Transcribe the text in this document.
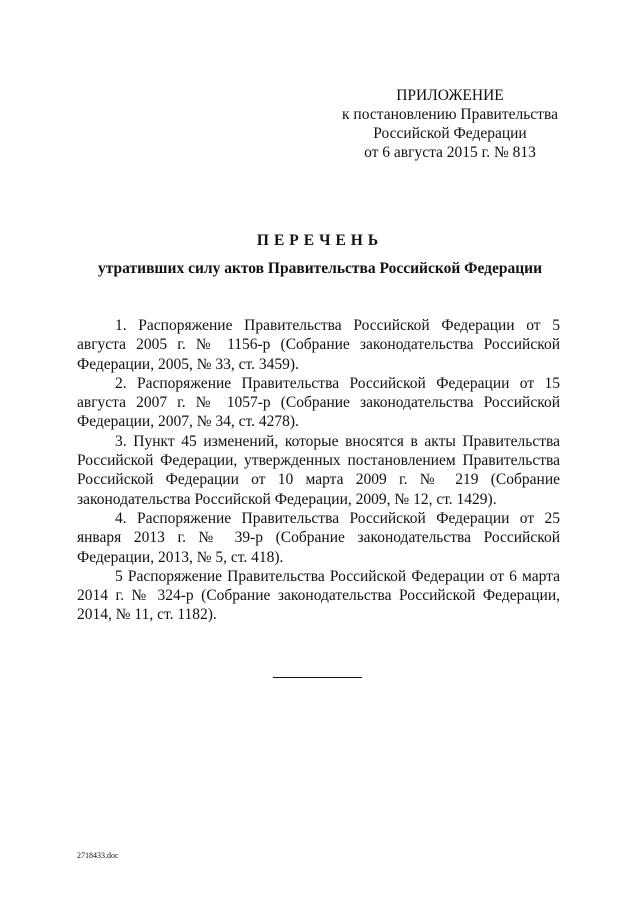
ПРИЛОЖЕНИЕ
к постановлению Правительства
Российской Федерации
от 6 августа 2015 г. № 813
ПЕРЕЧЕНЬ
утративших силу актов Правительства Российской Федерации

1. Распоряжение Правительства Российской Федерации от 5 августа 2005 г. № 1156-р (Собрание законодательства Российской Федерации, 2005, № 33, ст. 3459).

2. Распоряжение Правительства Российской Федерации от 15 августа 2007 г. № 1057-р (Собрание законодательства Российской Федерации, 2007, № 34, ст. 4278).

3. Пункт 45 изменений, которые вносятся в акты Правительства Российской Федерации, утвержденных постановлением Правительства Российской Федерации от 10 марта 2009 г. № 219 (Собрание законодательства Российской Федерации, 2009, № 12, ст. 1429).

4. Распоряжение Правительства Российской Федерации от 25 января 2013 г. № 39-р (Собрание законодательства Российской Федерации, 2013, № 5, ст. 418).

5 Распоряжение Правительства Российской Федерации от 6 марта 2014 г. № 324-р (Собрание законодательства Российской Федерации, 2014, № 11, ст. 1182).

2718433.doc
